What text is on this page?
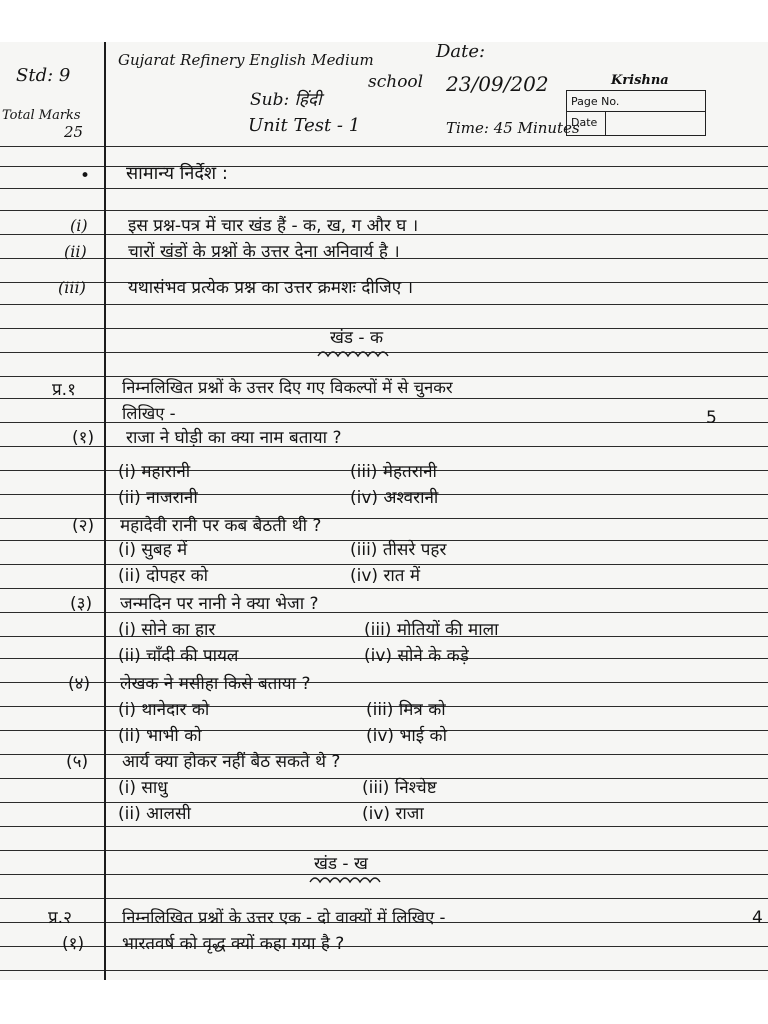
Krishna
Page No.
Date
Std: 9
Gujarat Refinery English Medium
school
Date:
23/09/202
Total Marks
25
Sub: हिंदी
Unit Test - 1	Time: 45 Minutes
• सामान्य निर्देश :
(i) इस प्रश्न-पत्र में चार खंड हैं - क, ख, ग और घ ।
(ii) चारों खंडों के प्रश्नों के उत्तर देना अनिवार्य है ।
(iii) यथासंभव प्रत्येक प्रश्न का उत्तर क्रमशः दीजिए ।
खंड - क
प्र.१	निम्नलिखित प्रश्नों के उत्तर दिए गए विकल्पों में से चुनकर
लिखिए -	5
(१) राजा ने घोड़ी का क्या नाम बताया ?
(i) महारानी	(iii) मेहतरानी
(ii) नाजरानी	(iv) अश्वरानी
(२) महादेवी रानी पर कब बैठती थी ?
(i) सुबह में	(iii) तीसरे पहर
(ii) दोपहर को	(iv) रात में
(३) जन्मदिन पर नानी ने क्या भेजा ?
(i) सोने का हार	(iii) मोतियों की माला
(ii) चाँदी की पायल	(iv) सोने के कड़े
(४) लेखक ने मसीहा किसे बताया ?
(i) थानेदार को	(iii) मित्र को
(ii) भाभी को	(iv) भाई को
(५) आर्य क्या होकर नहीं बैठ सकते थे ?
(i) साधु	(iii) निश्चेष्ट
(ii) आलसी	(iv) राजा
खंड - ख
प्र.२	निम्नलिखित प्रश्नों के उत्तर एक - दो वाक्यों में लिखिए -	4
(१) भारतवर्ष को वृद्ध क्यों कहा गया है ?
